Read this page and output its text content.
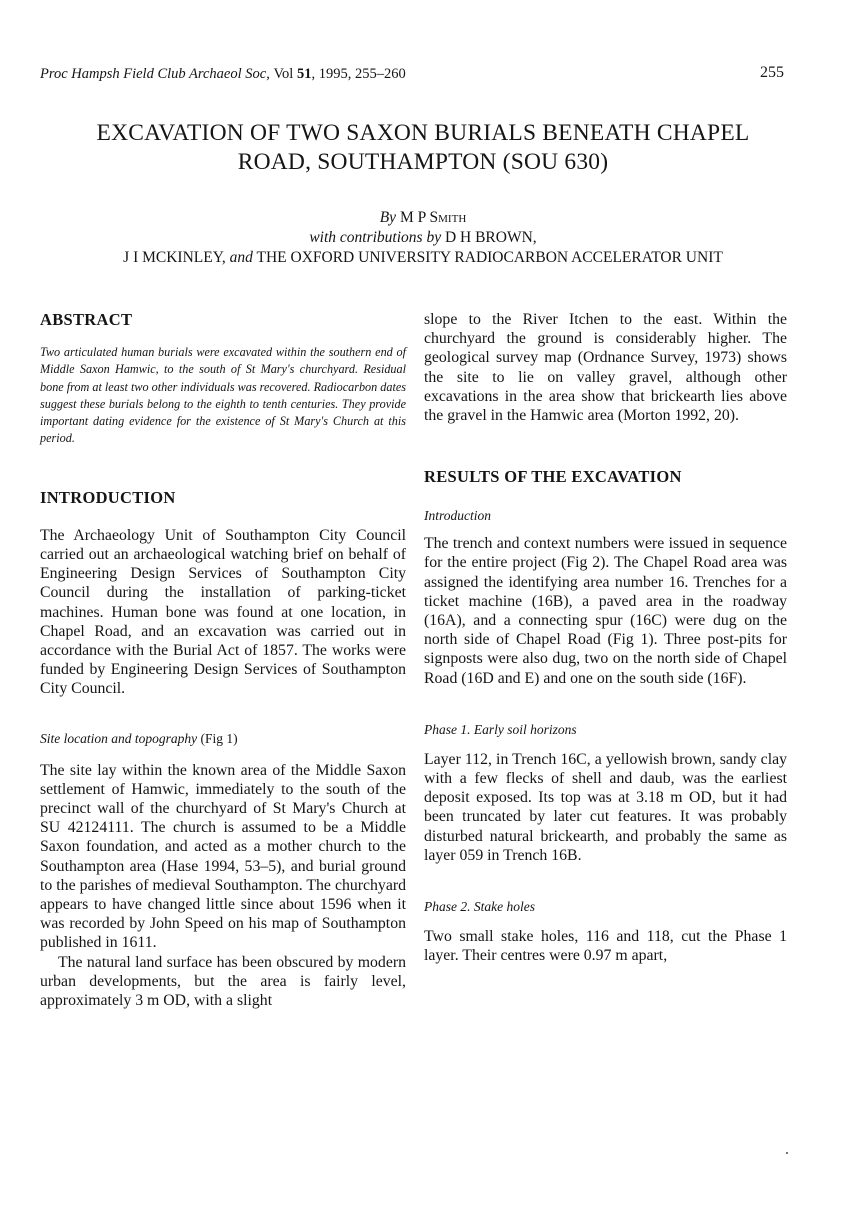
Proc Hampsh Field Club Archaeol Soc, Vol 51, 1995, 255–260	255
EXCAVATION OF TWO SAXON BURIALS BENEATH CHAPEL
ROAD, SOUTHAMPTON (SOU 630)
By M P Smith
with contributions by D H BROWN,
J I MCKINLEY, and THE OXFORD UNIVERSITY RADIOCARBON ACCELERATOR UNIT
ABSTRACT
Two articulated human burials were excavated within the southern end of Middle Saxon Hamwic, to the south of St Mary's churchyard. Residual bone from at least two other individuals was recovered. Radiocarbon dates suggest these burials belong to the eighth to tenth centuries. They provide important dating evidence for the existence of St Mary's Church at this period.
INTRODUCTION

The Archaeology Unit of Southampton City Council carried out an archaeological watching brief on behalf of Engineering Design Services of Southampton City Council during the installation of parking-ticket machines. Human bone was found at one location, in Chapel Road, and an excavation was carried out in accordance with the Burial Act of 1857. The works were funded by Engineering Design Services of Southampton City Council.

Site location and topography (Fig 1)

The site lay within the known area of the Middle Saxon settlement of Hamwic, immediately to the south of the precinct wall of the churchyard of St Mary's Church at SU 42124111. The church is assumed to be a Middle Saxon foundation, and acted as a mother church to the Southampton area (Hase 1994, 53–5), and burial ground to the parishes of medieval Southampton. The churchyard appears to have changed little since about 1596 when it was recorded by John Speed on his map of Southampton published in 1611.

The natural land surface has been obscured by modern urban developments, but the area is fairly level, approximately 3 m OD, with a slight

slope to the River Itchen to the east. Within the churchyard the ground is considerably higher. The geological survey map (Ordnance Survey, 1973) shows the site to lie on valley gravel, although other excavations in the area show that brickearth lies above the gravel in the Hamwic area (Morton 1992, 20).

RESULTS OF THE EXCAVATION
Introduction

The trench and context numbers were issued in sequence for the entire project (Fig 2). The Chapel Road area was assigned the identifying area number 16. Trenches for a ticket machine (16B), a paved area in the roadway (16A), and a connecting spur (16C) were dug on the north side of Chapel Road (Fig 1). Three post-pits for signposts were also dug, two on the north side of Chapel Road (16D and E) and one on the south side (16F).

Phase 1. Early soil horizons

Layer 112, in Trench 16C, a yellowish brown, sandy clay with a few flecks of shell and daub, was the earliest deposit exposed. Its top was at 3.18 m OD, but it had been truncated by later cut features. It was probably disturbed natural brickearth, and probably the same as layer 059 in Trench 16B.

Phase 2. Stake holes

Two small stake holes, 116 and 118, cut the Phase 1 layer. Their centres were 0.97 m apart,
